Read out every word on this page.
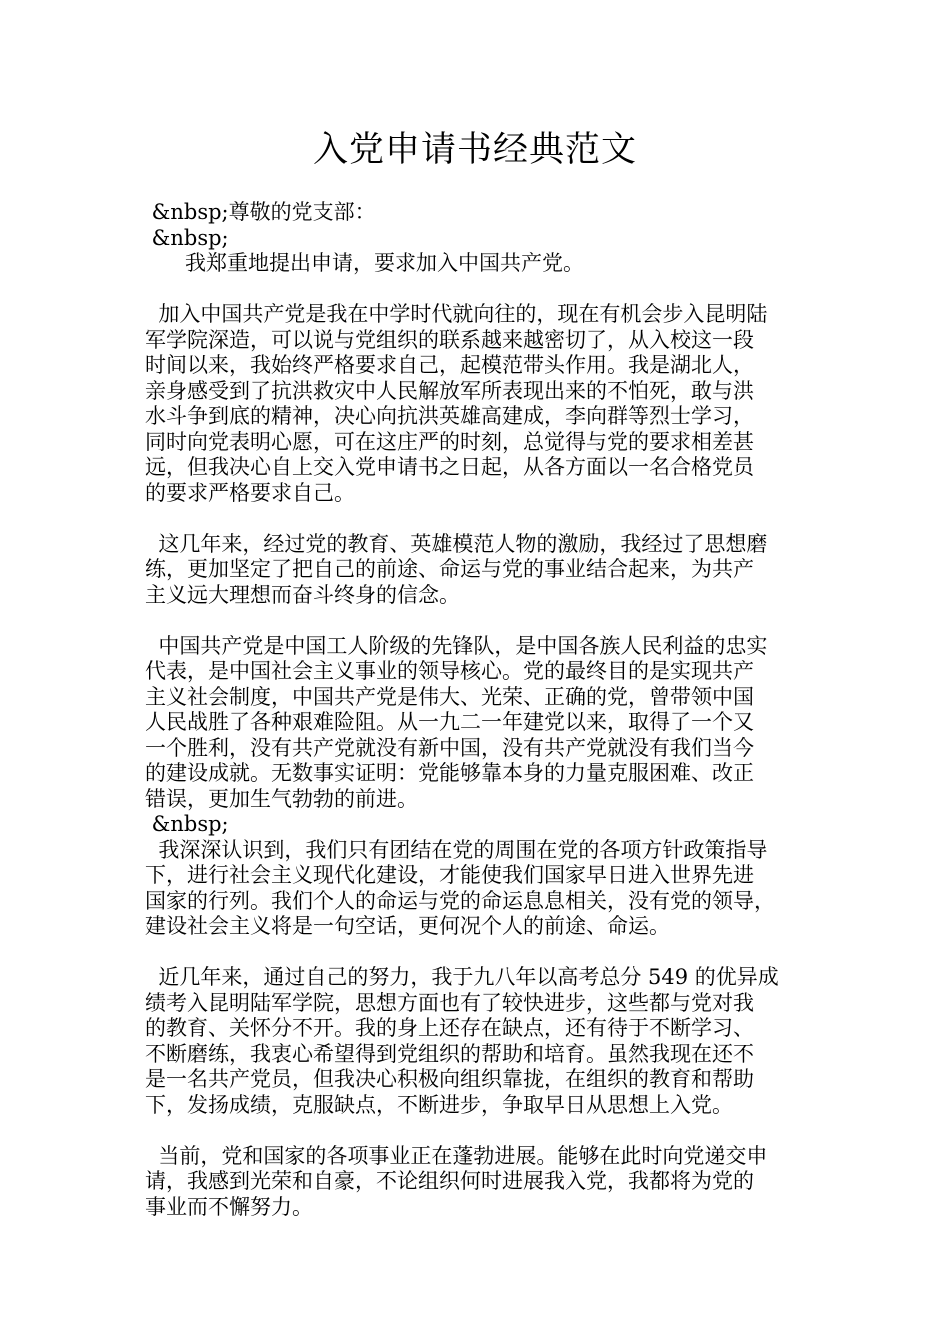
入党申请书经典范文
&nbsp;尊敬的党支部：
&nbsp;
我郑重地提出申请，要求加入中国共产党。
加入中国共产党是我在中学时代就向往的，现在有机会步入昆明陆
军学院深造，可以说与党组织的联系越来越密切了，从入校这一段
时间以来，我始终严格要求自己，起模范带头作用。我是湖北人，
亲身感受到了抗洪救灾中人民解放军所表现出来的不怕死，敢与洪
水斗争到底的精神，决心向抗洪英雄高建成，李向群等烈士学习，
同时向党表明心愿，可在这庄严的时刻，总觉得与党的要求相差甚
远，但我决心自上交入党申请书之日起，从各方面以一名合格党员
的要求严格要求自己。
这几年来，经过党的教育、英雄模范人物的激励，我经过了思想磨
练，更加坚定了把自己的前途、命运与党的事业结合起来，为共产
主义远大理想而奋斗终身的信念。
中国共产党是中国工人阶级的先锋队，是中国各族人民利益的忠实
代表，是中国社会主义事业的领导核心。党的最终目的是实现共产
主义社会制度，中国共产党是伟大、光荣、正确的党，曾带领中国
人民战胜了各种艰难险阻。从一九二一年建党以来，取得了一个又
一个胜利，没有共产党就没有新中国，没有共产党就没有我们当今
的建设成就。无数事实证明：党能够靠本身的力量克服困难、改正
错误，更加生气勃勃的前进。
&nbsp;
我深深认识到，我们只有团结在党的周围在党的各项方针政策指导
下，进行社会主义现代化建设，才能使我们国家早日进入世界先进
国家的行列。我们个人的命运与党的命运息息相关，没有党的领导，
建设社会主义将是一句空话，更何况个人的前途、命运。
近几年来，通过自己的努力，我于九八年以高考总分 549 的优异成
绩考入昆明陆军学院，思想方面也有了较快进步，这些都与党对我
的教育、关怀分不开。我的身上还存在缺点，还有待于不断学习、
不断磨练，我衷心希望得到党组织的帮助和培育。虽然我现在还不
是一名共产党员，但我决心积极向组织靠拢，在组织的教育和帮助
下，发扬成绩，克服缺点，不断进步，争取早日从思想上入党。
当前，党和国家的各项事业正在蓬勃进展。能够在此时向党递交申
请，我感到光荣和自豪，不论组织何时进展我入党，我都将为党的
事业而不懈努力。
